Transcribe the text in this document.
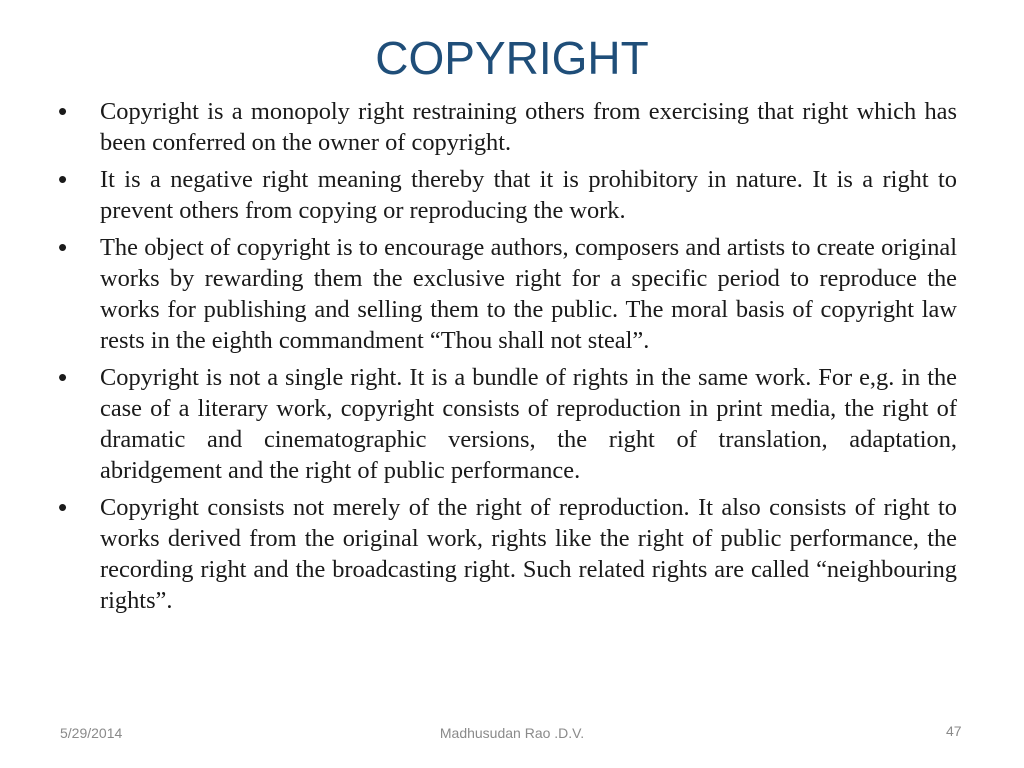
COPYRIGHT
• Copyright is a monopoly right restraining others from exercising that right which has been conferred on the owner of copyright.
• It is a negative right meaning thereby that it is prohibitory in nature. It is a right to prevent others from copying or reproducing the work.
• The object of copyright is to encourage authors, composers and artists to create original works by rewarding them the exclusive right for a specific period to reproduce the works for publishing and selling them to the public. The moral basis of copyright law rests in the eighth commandment “Thou shall not steal”.
• Copyright is not a single right. It is a bundle of rights in the same work. For e,g. in the case of a literary work, copyright consists of reproduction in print media, the right of dramatic and cinematographic versions, the right of translation, adaptation, abridgement and the right of public performance.
• Copyright consists not merely of the right of reproduction. It also consists of right to works derived from the original work, rights like the right of public performance, the recording right and the broadcasting right. Such related rights are called “neighbouring rights”.
5/29/2014	Madhusudan Rao .D.V.	47
